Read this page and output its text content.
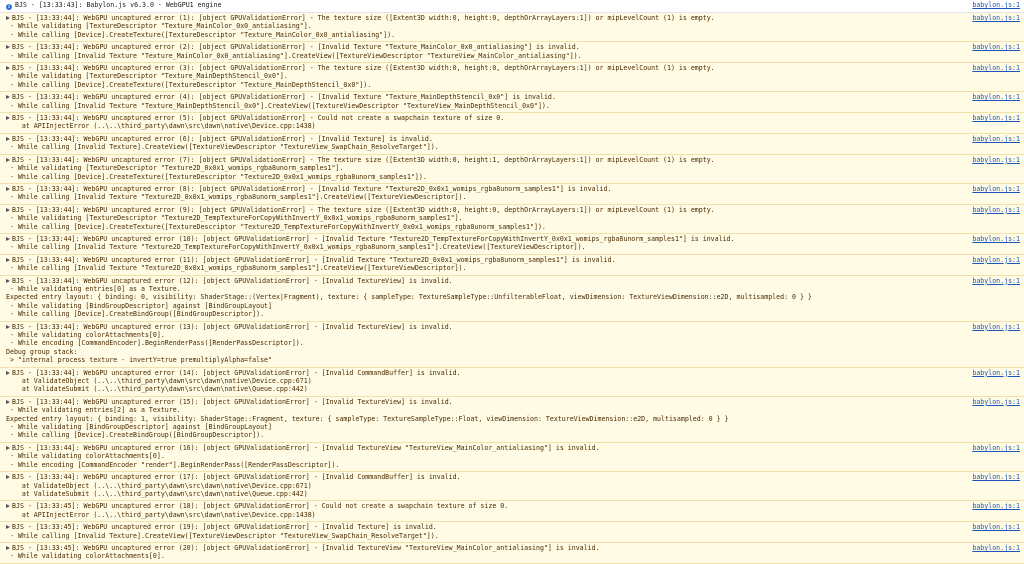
i BJS - [13:33:43]: Babylon.js v6.3.0 - WebGPU1 engine	babylon.js:1
BJS - [13:33:44]: WebGPU uncaptured error (1): [object GPUValidationError] - The texture size ([Extent3D width:0, height:0, depthOrArrayLayers:1]) or mipLevelCount (1) is empty.
- While validating [TextureDescriptor "Texture_MainColor_0x0_antialiasing"].
- While calling [Device].CreateTexture([TextureDescriptor "Texture_MainColor_0x0_antialiasing"]).
babylon.js:1
BJS - [13:33:44]: WebGPU uncaptured error (2): [object GPUValidationError] - [Invalid Texture "Texture_MainColor_0x0_antialiasing"] is invalid.
- While calling [Invalid Texture "Texture_MainColor_0x0_antialiasing"].CreateView([TextureViewDescriptor "TextureView_MainColor_antialiasing"]).
babylon.js:1
BJS - [13:33:44]: WebGPU uncaptured error (3): [object GPUValidationError] - The texture size ([Extent3D width:0, height:0, depthOrArrayLayers:1]) or mipLevelCount (1) is empty.
- While validating [TextureDescriptor "Texture_MainDepthStencil_0x0"].
- While calling [Device].CreateTexture([TextureDescriptor "Texture_MainDepthStencil_0x0"]).
babylon.js:1
BJS - [13:33:44]: WebGPU uncaptured error (4): [object GPUValidationError] - [Invalid Texture "Texture_MainDepthStencil_0x0"] is invalid.
- While calling [Invalid Texture "Texture_MainDepthStencil_0x0"].CreateView([TextureViewDescriptor "TextureView_MainDepthStencil_0x0"]).
babylon.js:1
BJS - [13:33:44]: WebGPU uncaptured error (5): [object GPUValidationError] - Could not create a swapchain texture of size 0.
at APIInjectError (..\..\third_party\dawn\src\dawn\native\Device.cpp:1438)
babylon.js:1
BJS - [13:33:44]: WebGPU uncaptured error (6): [object GPUValidationError] - [Invalid Texture] is invalid.
- While calling [Invalid Texture].CreateView([TextureViewDescriptor "TextureView_SwapChain_ResolveTarget"]).
babylon.js:1
BJS - [13:33:44]: WebGPU uncaptured error (7): [object GPUValidationError] - The texture size ([Extent3D width:0, height:1, depthOrArrayLayers:1]) or mipLevelCount (1) is empty.
- While validating [TextureDescriptor "Texture2D_0x0x1_womips_rgba8unorm_samples1"].
- While calling [Device].CreateTexture([TextureDescriptor "Texture2D_0x0x1_womips_rgba8unorm_samples1"]).
babylon.js:1
BJS - [13:33:44]: WebGPU uncaptured error (8): [object GPUValidationError] - [Invalid Texture "Texture2D_0x0x1_womips_rgba8unorm_samples1"] is invalid.
- While calling [Invalid Texture "Texture2D_0x0x1_womips_rgba8unorm_samples1"].CreateView([TextureViewDescriptor]).
babylon.js:1
BJS - [13:33:44]: WebGPU uncaptured error (9): [object GPUValidationError] - The texture size ([Extent3D width:0, height:0, depthOrArrayLayers:1]) or mipLevelCount (1) is empty.
- While validating [TextureDescriptor "Texture2D_TempTextureForCopyWithInvertY_0x0x1_womips_rgba8unorm_samples1"].
- While calling [Device].CreateTexture([TextureDescriptor "Texture2D_TempTextureForCopyWithInvertY_0x0x1_womips_rgba8unorm_samples1"]).
babylon.js:1
BJS - [13:33:44]: WebGPU uncaptured error (10): [object GPUValidationError] - [Invalid Texture "Texture2D_TempTextureForCopyWithInvertY_0x0x1_womips_rgba8unorm_samples1"] is invalid.
- While calling [Invalid Texture "Texture2D_TempTextureForCopyWithInvertY_0x0x1_womips_rgba8unorm_samples1"].CreateView([TextureViewDescriptor]).
babylon.js:1
BJS - [13:33:44]: WebGPU uncaptured error (11): [object GPUValidationError] - [Invalid Texture "Texture2D_0x0x1_womips_rgba8unorm_samples1"] is invalid.
- While calling [Invalid Texture "Texture2D_0x0x1_womips_rgba8unorm_samples1"].CreateView([TextureViewDescriptor]).
babylon.js:1
BJS - [13:33:44]: WebGPU uncaptured error (12): [object GPUValidationError] - [Invalid TextureView] is invalid.
- While validating entries[0] as a Texture.
Expected entry layout: { binding: 0, visibility: ShaderStage::(Vertex|Fragment), texture: { sampleType: TextureSampleType::UnfilterableFloat, viewDimension: TextureViewDimension::e2D, multisampled: 0 } }
- While validating [BindGroupDescriptor] against [BindGroupLayout]
- While calling [Device].CreateBindGroup([BindGroupDescriptor]).
babylon.js:1
BJS - [13:33:44]: WebGPU uncaptured error (13): [object GPUValidationError] - [Invalid TextureView] is invalid.
- While validating colorAttachments[0].
- While encoding [CommandEncoder].BeginRenderPass([RenderPassDescriptor]).
Debug group stack:
> "internal process texture - invertY=true premultiplyAlpha=false"
babylon.js:1
BJS - [13:33:44]: WebGPU uncaptured error (14): [object GPUValidationError] - [Invalid CommandBuffer] is invalid.
at ValidateObject (..\..\third_party\dawn\src\dawn\native\Device.cpp:671)
at ValidateSubmit (..\..\third_party\dawn\src\dawn\native\Queue.cpp:442)
babylon.js:1
BJS - [13:33:44]: WebGPU uncaptured error (15): [object GPUValidationError] - [Invalid TextureView] is invalid.
- While validating entries[2] as a Texture.
Expected entry layout: { binding: 1, visibility: ShaderStage::Fragment, texture: { sampleType: TextureSampleType::Float, viewDimension: TextureViewDimension::e2D, multisampled: 0 } }
- While validating [BindGroupDescriptor] against [BindGroupLayout]
- While calling [Device].CreateBindGroup([BindGroupDescriptor]).
babylon.js:1
BJS - [13:33:44]: WebGPU uncaptured error (16): [object GPUValidationError] - [Invalid TextureView "TextureView_MainColor_antialiasing"] is invalid.
- While validating colorAttachments[0].
- While encoding [CommandEncoder "render"].BeginRenderPass([RenderPassDescriptor]).
babylon.js:1
BJS - [13:33:44]: WebGPU uncaptured error (17): [object GPUValidationError] - [Invalid CommandBuffer] is invalid.
at ValidateObject (..\..\third_party\dawn\src\dawn\native\Device.cpp:671)
at ValidateSubmit (..\..\third_party\dawn\src\dawn\native\Queue.cpp:442)
babylon.js:1
BJS - [13:33:45]: WebGPU uncaptured error (18): [object GPUValidationError] - Could not create a swapchain texture of size 0.
at APIInjectError (..\..\third_party\dawn\src\dawn\native\Device.cpp:1438)
babylon.js:1
BJS - [13:33:45]: WebGPU uncaptured error (19): [object GPUValidationError] - [Invalid Texture] is invalid.
- While calling [Invalid Texture].CreateView([TextureViewDescriptor "TextureView_SwapChain_ResolveTarget"]).
babylon.js:1
BJS - [13:33:45]: WebGPU uncaptured error (20): [object GPUValidationError] - [Invalid TextureView "TextureView_MainColor_antialiasing"] is invalid.
- While validating colorAttachments[0].
babylon.js:1
